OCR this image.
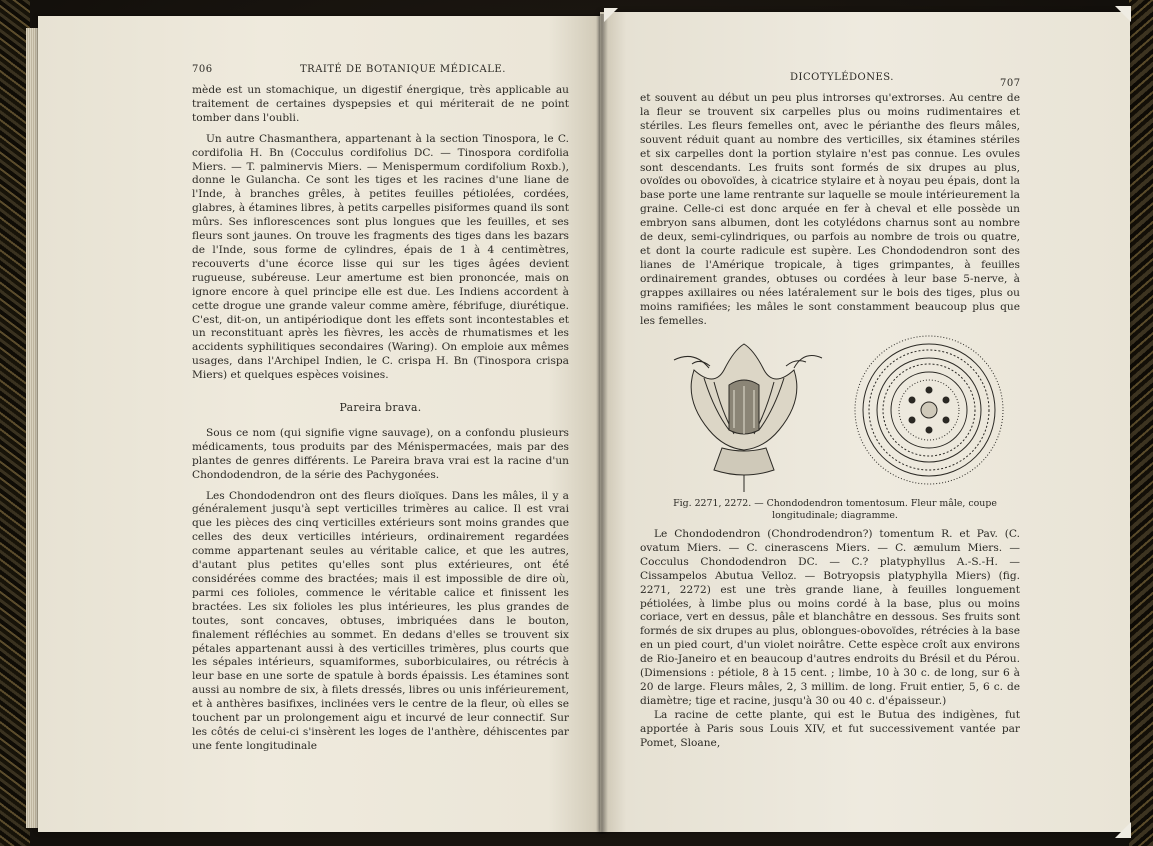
706	TRAITÉ DE BOTANIQUE MÉDICALE.

mède est un stomachique, un digestif énergique, très applicable au traitement de certaines dyspepsies et qui mériterait de ne point tomber dans l'oubli.

Un autre Chasmanthera, appartenant à la section Tinospora, le C. cordifolia H. Bn (Cocculus cordifolius DC. — Tinospora cordifolia Miers. — T. palminervis Miers. — Menispermum cordifolium Roxb.), donne le Gulancha. Ce sont les tiges et les racines d'une liane de l'Inde, à branches grêles, à petites feuilles pétiolées, cordées, glabres, à étamines libres, à petits carpelles pisiformes quand ils sont mûrs. Ses inflorescences sont plus longues que les feuilles, et ses fleurs sont jaunes. On trouve les fragments des tiges dans les bazars de l'Inde, sous forme de cylindres, épais de 1 à 4 centimètres, recouverts d'une écorce lisse qui sur les tiges âgées devient rugueuse, subéreuse. Leur amertume est bien prononcée, mais on ignore encore à quel principe elle est due. Les Indiens accordent à cette drogue une grande valeur comme amère, fébrifuge, diurétique. C'est, dit-on, un antipériodique dont les effets sont incontestables et un reconstituant après les fièvres, les accès de rhumatismes et les accidents syphilitiques secondaires (Waring). On emploie aux mêmes usages, dans l'Archipel Indien, le C. crispa H. Bn (Tinospora crispa Miers) et quelques espèces voisines.

Pareira brava.

Sous ce nom (qui signifie vigne sauvage), on a confondu plusieurs médicaments, tous produits par des Ménispermacées, mais par des plantes de genres différents. Le Pareira brava vrai est la racine d'un Chondodendron, de la série des Pachygonées.

Les Chondodendron ont des fleurs dioïques. Dans les mâles, il y a généralement jusqu'à sept verticilles trimères au calice. Il est vrai que les pièces des cinq verticilles extérieurs sont moins grandes que celles des deux verticilles intérieurs, ordinairement regardées comme appartenant seules au véritable calice, et que les autres, d'autant plus petites qu'elles sont plus extérieures, ont été considérées comme des bractées; mais il est impossible de dire où, parmi ces folioles, commence le véritable calice et finissent les bractées. Les six folioles les plus intérieures, les plus grandes de toutes, sont concaves, obtuses, imbriquées dans le bouton, finalement réfléchies au sommet. En dedans d'elles se trouvent six pétales appartenant aussi à des verticilles trimères, plus courts que les sépales intérieurs, squamiformes, suborbiculaires, ou rétrécis à leur base en une sorte de spatule à bords épaissis. Les étamines sont aussi au nombre de six, à filets dressés, libres ou unis inférieurement, et à anthères basifixes, inclinées vers le centre de la fleur, où elles se touchent par un prolongement aigu et incurvé de leur connectif. Sur les côtés de celui-ci s'insèrent les loges de l'anthère, déhiscentes par une fente longitudinale

DICOTYLÉDONES.
707

et souvent au début un peu plus introrses qu'extrorses. Au centre de la fleur se trouvent six carpelles plus ou moins rudimentaires et stériles. Les fleurs femelles ont, avec le périanthe des fleurs mâles, souvent réduit quant au nombre des verticilles, six étamines stériles et six carpelles dont la portion stylaire n'est pas connue. Les ovules sont descendants. Les fruits sont formés de six drupes au plus, ovoïdes ou obovoïdes, à cicatrice stylaire et à noyau peu épais, dont la base porte une lame rentrante sur laquelle se moule intérieurement la graine. Celle-ci est donc arquée en fer à cheval et elle possède un embryon sans albumen, dont les cotylédons charnus sont au nombre de deux, semi-cylindriques, ou parfois au nombre de trois ou quatre, et dont la courte radicule est supère. Les Chondodendron sont des lianes de l'Amérique tropicale, à tiges grimpantes, à feuilles ordinairement grandes, obtuses ou cordées à leur base 5-nerve, à grappes axillaires ou nées latéralement sur le bois des tiges, plus ou moins ramifiées; les mâles le sont constamment beaucoup plus que les femelles.

Fig. 2271, 2272. — Chondodendron tomentosum. Fleur mâle, coupe longitudinale; diagramme.

Le Chondodendron (Chondrodendron?) tomentum R. et Pav. (C. ovatum Miers. — C. cinerascens Miers. — C. æmulum Miers. — Cocculus Chondodendron DC. — C.? platyphyllus A.-S.-H. — Cissampelos Abutua Velloz. — Botryopsis platyphylla Miers) (fig. 2271, 2272) est une très grande liane, à feuilles longuement pétiolées, à limbe plus ou moins cordé à la base, plus ou moins coriace, vert en dessus, pâle et blanchâtre en dessous. Ses fruits sont formés de six drupes au plus, oblongues-obovoïdes, rétrécies à la base en un pied court, d'un violet noirâtre. Cette espèce croît aux environs de Rio-Janeiro et en beaucoup d'autres endroits du Brésil et du Pérou. (Dimensions : pétiole, 8 à 15 cent. ; limbe, 10 à 30 c. de long, sur 6 à 20 de large. Fleurs mâles, 2, 3 millim. de long. Fruit entier, 5, 6 c. de diamètre; tige et racine, jusqu'à 30 ou 40 c. d'épaisseur.)

La racine de cette plante, qui est le Butua des indigènes, fut apportée à Paris sous Louis XIV, et fut successivement vantée par Pomet, Sloane,
